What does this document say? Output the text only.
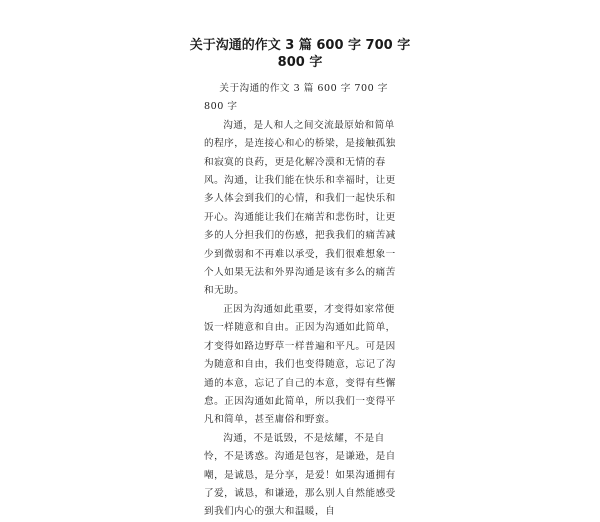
关于沟通的作文 3 篇 600 字 700 字
800 字

关于沟通的作文 3 篇 600 字 700 字 800 字

沟通，是人和人之间交流最原始和简单的程序，是连接心和心的桥梁，是接触孤独和寂寞的良药，更是化解冷漠和无情的春风。沟通，让我们能在快乐和幸福时，让更多人体会到我们的心情，和我们一起快乐和开心。沟通能让我们在痛苦和悲伤时，让更多的人分担我们的伤感，把我我们的痛苦减少到微弱和不再难以承受，我们很难想象一个人如果无法和外界沟通是该有多么的痛苦和无助。

正因为沟通如此重要，才变得如家常便饭一样随意和自由。正因为沟通如此简单，才变得如路边野草一样普遍和平凡。可是因为随意和自由，我们也变得随意，忘记了沟通的本意，忘记了自己的本意，变得有些懈怠。正因沟通如此简单，所以我们一变得平凡和简单，甚至庸俗和野蛮。

沟通，不是诋毁，不是炫耀，不是自怜，不是诱惑。沟通是包容，是谦逊，是自嘲，是诚恳，是分享，是爱！如果沟通拥有了爱，诚恳，和谦逊，那么别人自然能感受到我们内心的强大和温暖，自
